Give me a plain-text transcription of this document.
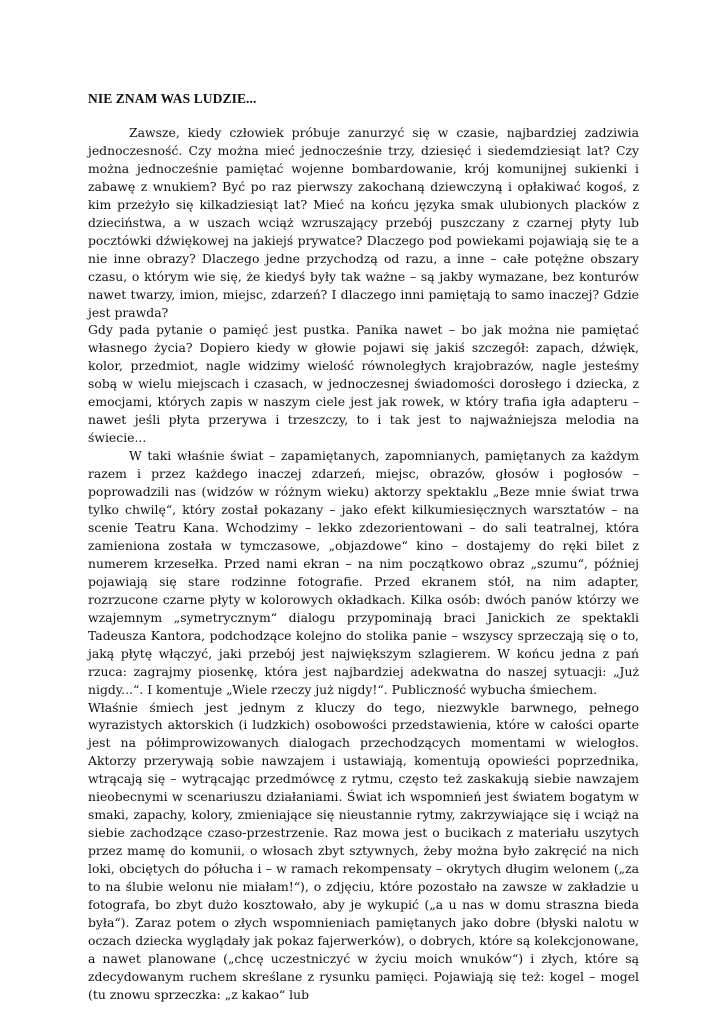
NIE ZNAM WAS LUDZIE...

Zawsze, kiedy człowiek próbuje zanurzyć się w czasie, najbardziej zadziwia jednoczesność. Czy można mieć jednocześnie trzy, dziesięć i siedemdziesiąt lat? Czy można jednocześnie pamiętać wojenne bombardowanie, krój komunijnej sukienki i zabawę z wnukiem? Być po raz pierwszy zakochaną dziewczyną i opłakiwać kogoś, z kim przeżyło się kilkadziesiąt lat? Mieć na końcu języka smak ulubionych placków z dzieciństwa, a w uszach wciąż wzruszający przebój puszczany z czarnej płyty lub pocztówki dźwiękowej na jakiejś prywatce? Dlaczego pod powiekami pojawiają się te a nie inne obrazy? Dlaczego jedne przychodzą od razu, a inne – całe potężne obszary czasu, o którym wie się, że kiedyś były tak ważne – są jakby wymazane, bez konturów nawet twarzy, imion, miejsc, zdarzeń? I dlaczego inni pamiętają to samo inaczej? Gdzie jest prawda?

Gdy pada pytanie o pamięć jest pustka. Panika nawet – bo jak można nie pamiętać własnego życia? Dopiero kiedy w głowie pojawi się jakiś szczegół: zapach, dźwięk, kolor, przedmiot, nagle widzimy wielość równoległych krajobrazów, nagle jesteśmy sobą w wielu miejscach i czasach, w jednoczesnej świadomości dorosłego i dziecka, z emocjami, których zapis w naszym ciele jest jak rowek, w który trafia igła adapteru – nawet jeśli płyta przerywa i trzeszczy, to i tak jest to najważniejsza melodia na świecie...

W taki właśnie świat – zapamiętanych, zapomnianych, pamiętanych za każdym razem i przez każdego inaczej zdarzeń, miejsc, obrazów, głosów i pogłosów – poprowadzili nas (widzów w różnym wieku) aktorzy spektaklu „Beze mnie świat trwa tylko chwilę“, który został pokazany – jako efekt kilkumiesięcznych warsztatów – na scenie Teatru Kana. Wchodzimy – lekko zdezorientowani – do sali teatralnej, która zamieniona została w tymczasowe, „objazdowe“ kino – dostajemy do ręki bilet z numerem krzesełka. Przed nami ekran – na nim początkowo obraz „szumu“, później pojawiają się stare rodzinne fotografie. Przed ekranem stół, na nim adapter, rozrzucone czarne płyty w kolorowych okładkach. Kilka osób: dwóch panów którzy we wzajemnym „symetrycznym“ dialogu przypominają braci Janickich ze spektakli Tadeusza Kantora, podchodzące kolejno do stolika panie – wszyscy sprzeczają się o to, jaką płytę włączyć, jaki przebój jest największym szlagierem. W końcu jedna z pań rzuca: zagrajmy piosenkę, która jest najbardziej adekwatna do naszej sytuacji: „Już nigdy...“. I komentuje „Wiele rzeczy już nigdy!“. Publiczność wybucha śmiechem.

Właśnie śmiech jest jednym z kluczy do tego, niezwykle barwnego, pełnego wyrazistych aktorskich (i ludzkich) osobowości przedstawienia, które w całości oparte jest na półimprowizowanych dialogach przechodzących momentami w wielogłos. Aktorzy przerywają sobie nawzajem i ustawiają, komentują opowieści poprzednika, wtrącają się – wytrącając przedmówcę z rytmu, często też zaskakują siebie nawzajem nieobecnymi w scenariuszu działaniami. Świat ich wspomnień jest światem bogatym w smaki, zapachy, kolory, zmieniające się nieustannie rytmy, zakrzywiające się i wciąż na siebie zachodzące czaso-przestrzenie. Raz mowa jest o bucikach z materiału uszytych przez mamę do komunii, o włosach zbyt sztywnych, żeby można było zakręcić na nich loki, obciętych do półucha i – w ramach rekompensaty – okrytych długim welonem („za to na ślubie welonu nie miałam!“), o zdjęciu, które pozostało na zawsze w zakładzie u fotografa, bo zbyt dużo kosztowało, aby je wykupić („a u nas w domu straszna bieda była“). Zaraz potem o złych wspomnieniach pamiętanych jako dobre (błyski nalotu w oczach dziecka wyglądały jak pokaz fajerwerków), o dobrych, które są kolekcjonowane, a nawet planowane („chcę uczestniczyć w życiu moich wnuków“) i złych, które są zdecydowanym ruchem skreślane z rysunku pamięci. Pojawiają się też: kogel – mogel (tu znowu sprzeczka: „z kakao“ lub
